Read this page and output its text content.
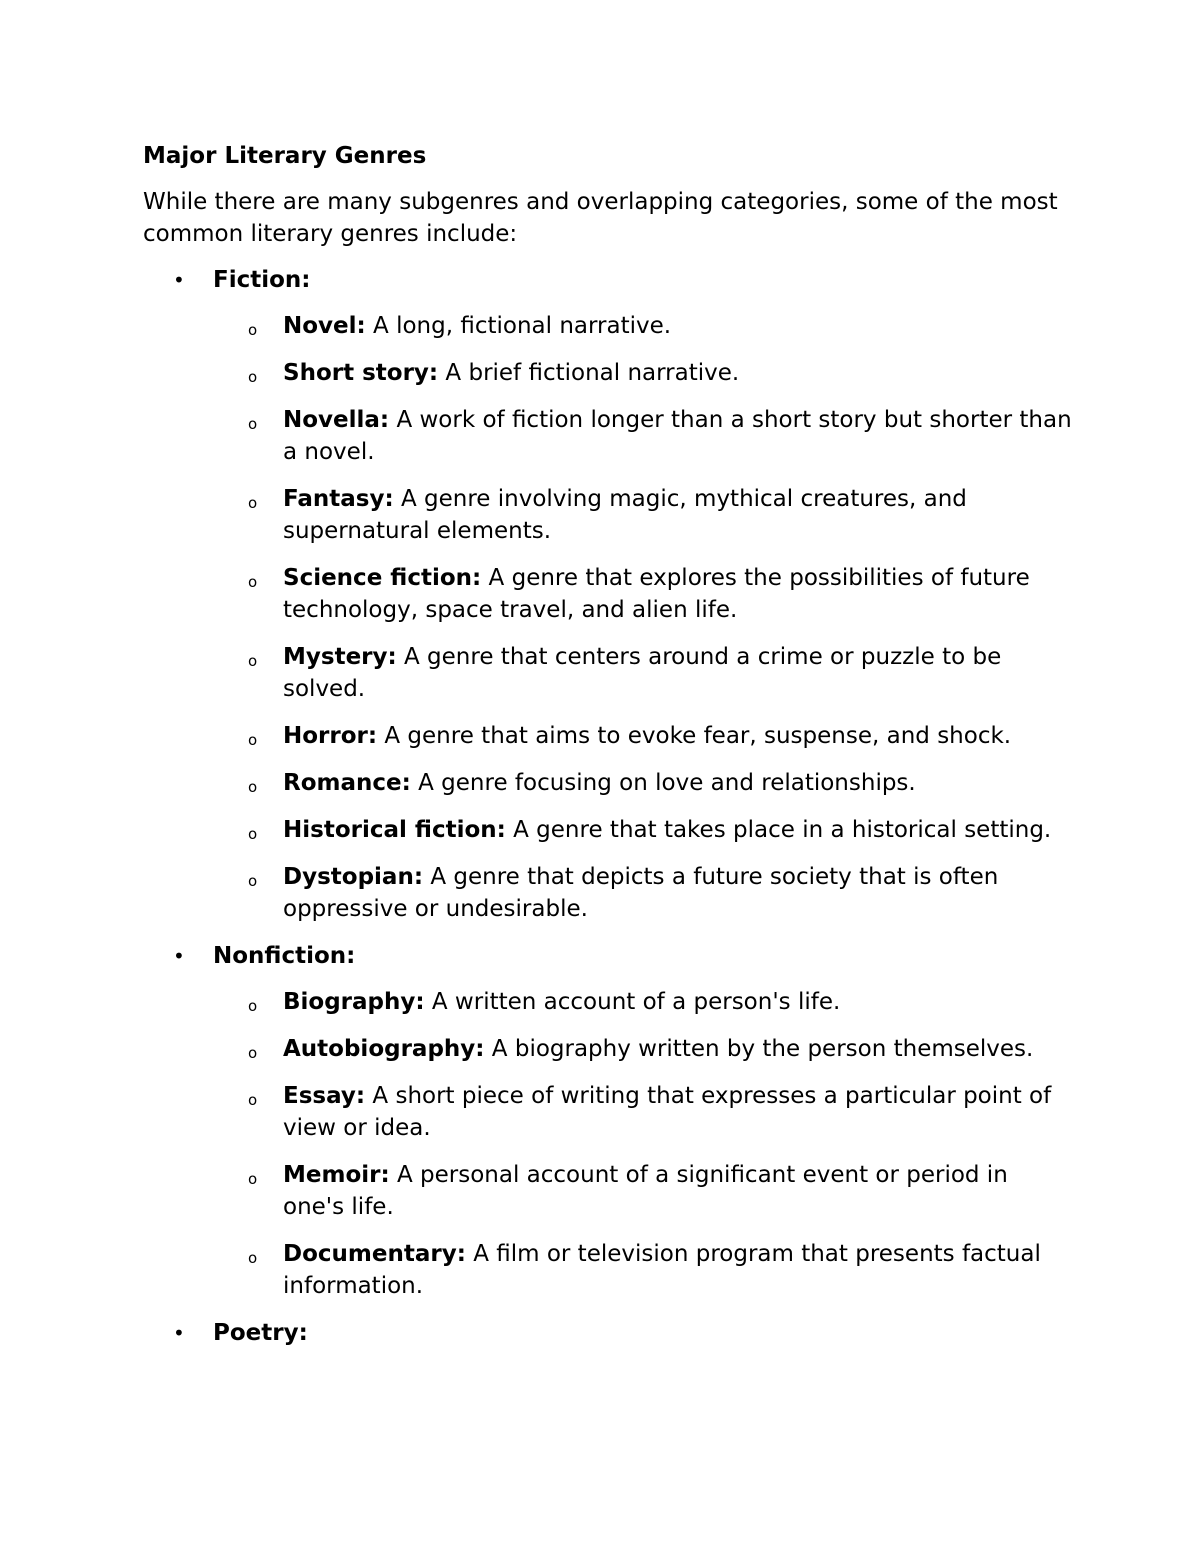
Major Literary Genres
While there are many subgenres and overlapping categories, some of the most common literary genres include:
• Fiction:
o Novel: A long, fictional narrative.
o Short story: A brief fictional narrative.
o Novella: A work of fiction longer than a short story but shorter than a novel.
o Fantasy: A genre involving magic, mythical creatures, and supernatural elements.
o Science fiction: A genre that explores the possibilities of future technology, space travel, and alien life.
o Mystery: A genre that centers around a crime or puzzle to be solved.
o Horror: A genre that aims to evoke fear, suspense, and shock.
o Romance: A genre focusing on love and relationships.
o Historical fiction: A genre that takes place in a historical setting.
o Dystopian: A genre that depicts a future society that is often oppressive or undesirable.
• Nonfiction:
o Biography: A written account of a person's life.
o Autobiography: A biography written by the person themselves.
o Essay: A short piece of writing that expresses a particular point of view or idea.
o Memoir: A personal account of a significant event or period in one's life.
o Documentary: A film or television program that presents factual information.
• Poetry:
